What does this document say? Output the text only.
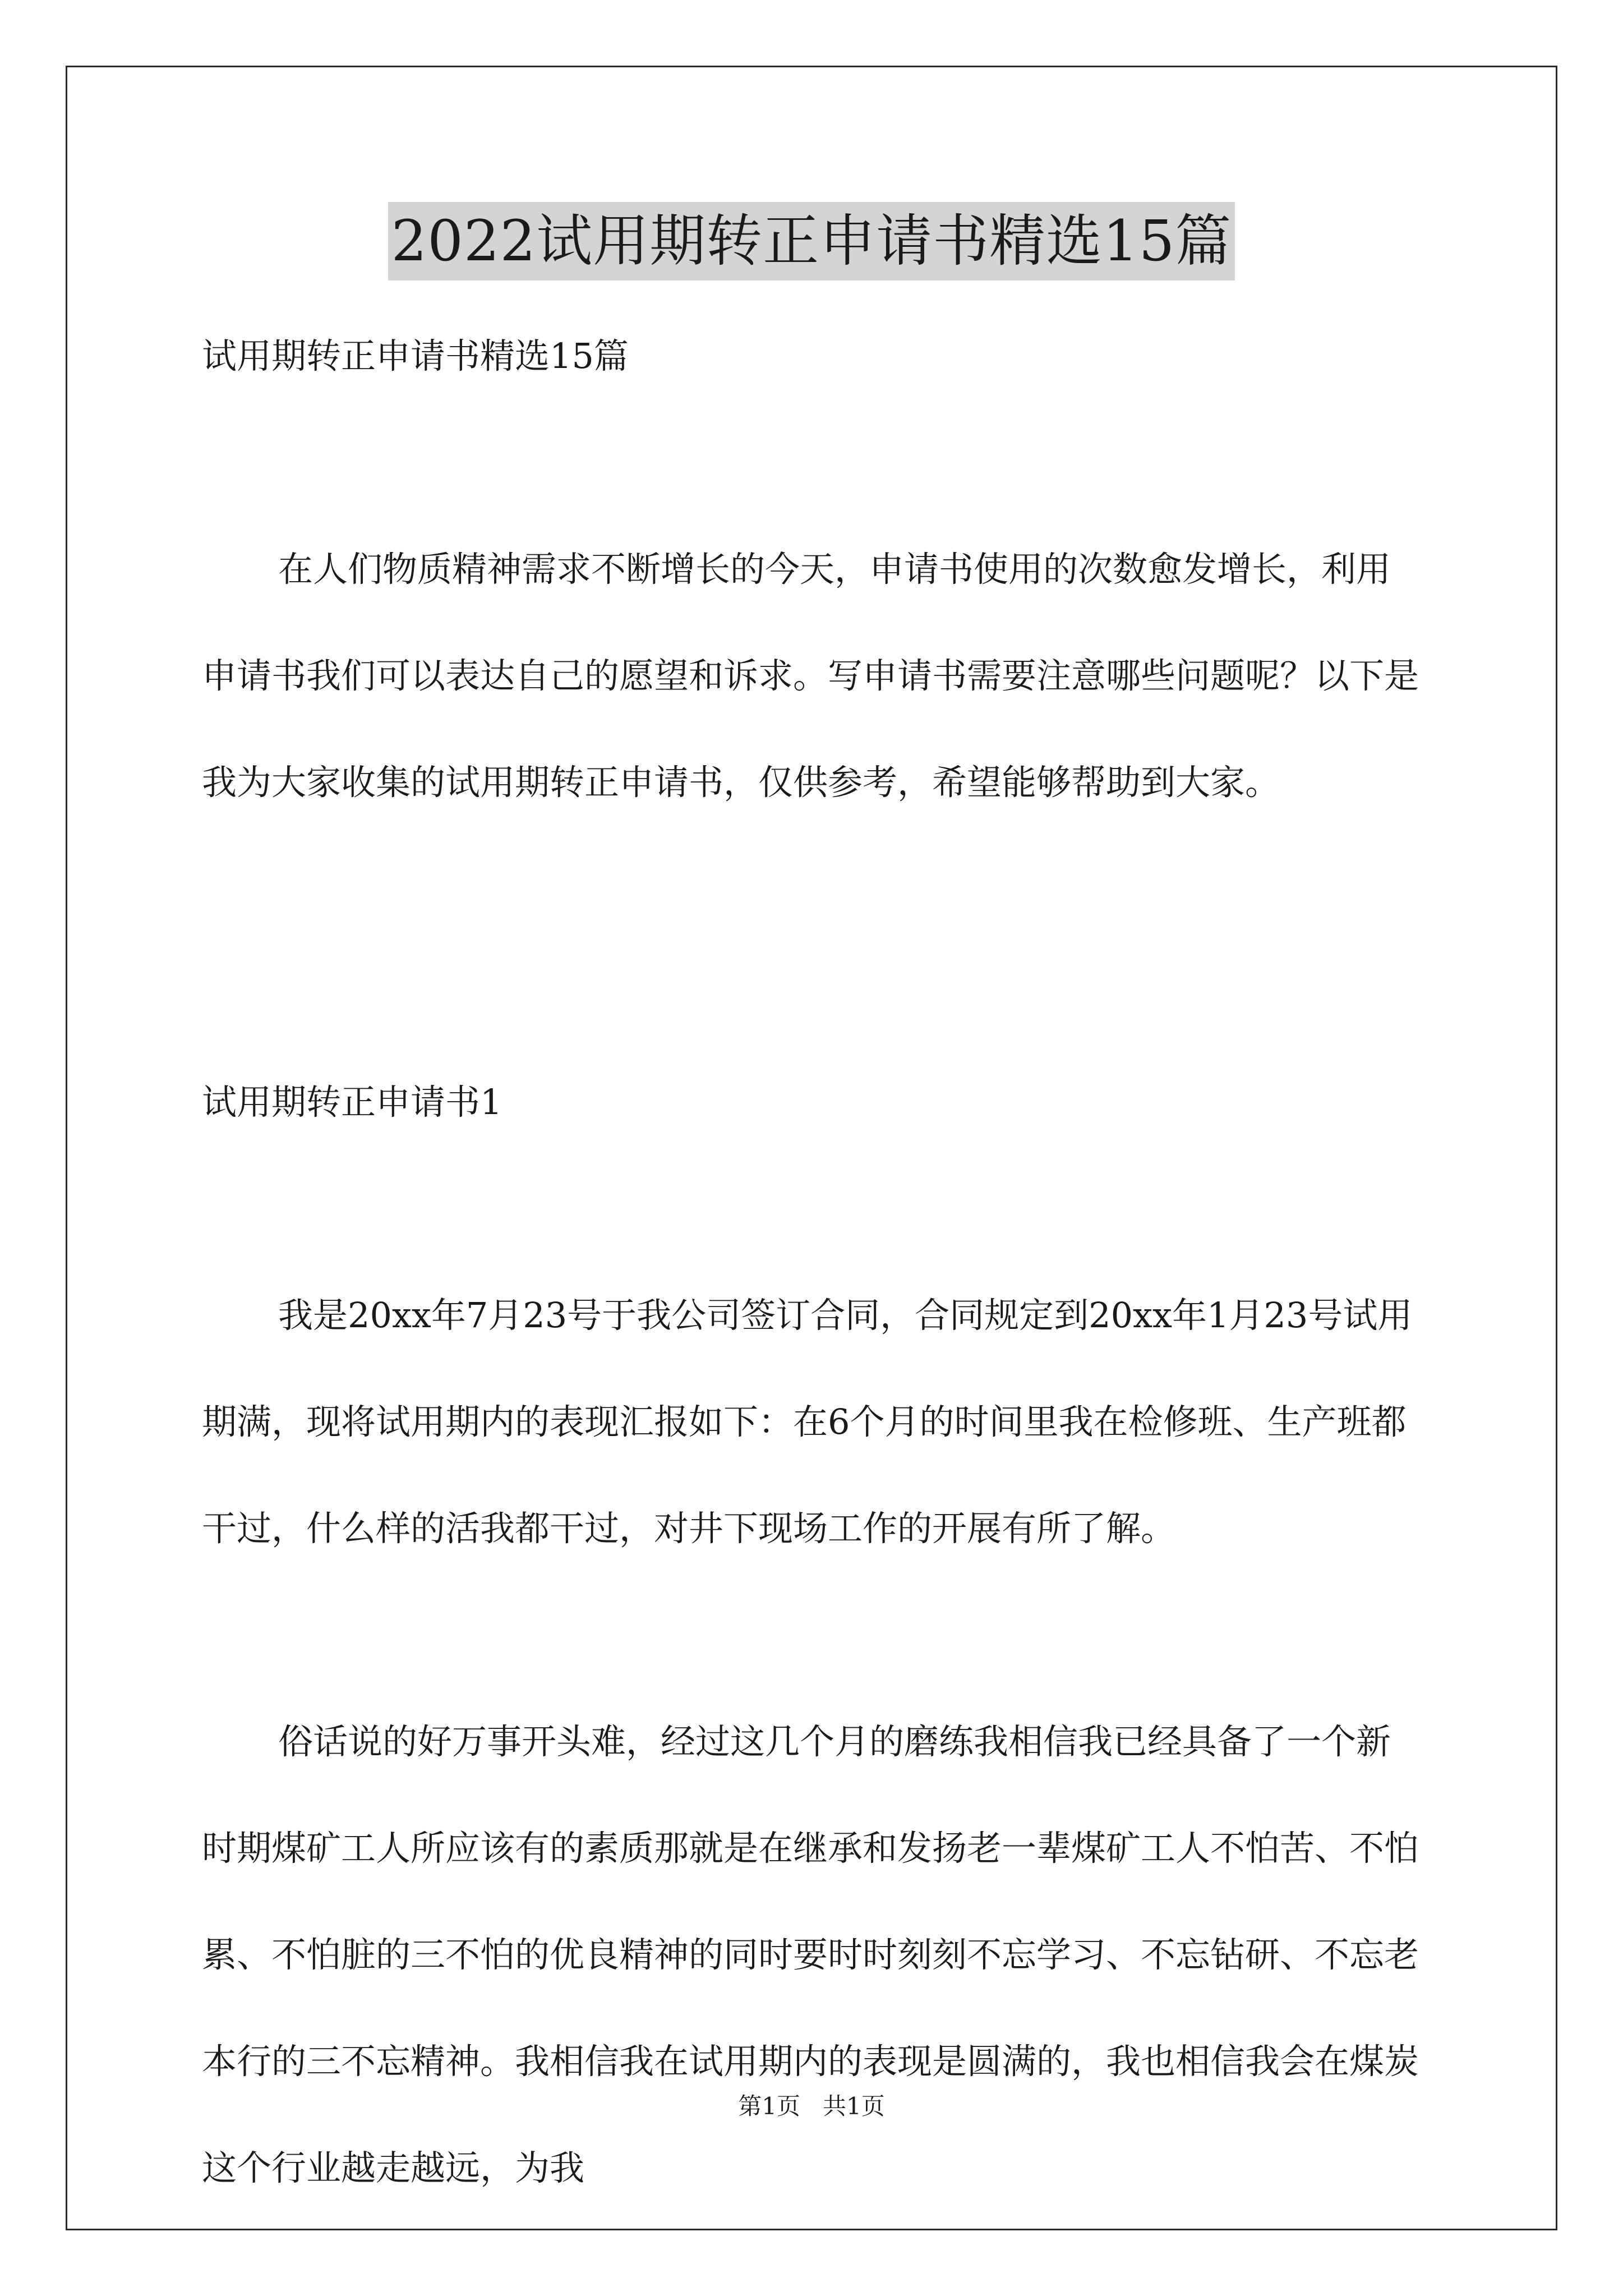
2022试用期转正申请书精选15篇

试用期转正申请书精选15篇

在人们物质精神需求不断增长的今天，申请书使用的次数愈发增长，利用申请书我们可以表达自己的愿望和诉求。写申请书需要注意哪些问题呢？以下是我为大家收集的试用期转正申请书，仅供参考，希望能够帮助到大家。

试用期转正申请书1

我是20xx年7月23号于我公司签订合同，合同规定到20xx年1月23号试用期满，现将试用期内的表现汇报如下：在6个月的时间里我在检修班、生产班都干过，什么样的活我都干过，对井下现场工作的开展有所了解。

俗话说的好万事开头难，经过这几个月的磨练我相信我已经具备了一个新时期煤矿工人所应该有的素质那就是在继承和发扬老一辈煤矿工人不怕苦、不怕累、不怕脏的三不怕的优良精神的同时要时时刻刻不忘学习、不忘钻研、不忘老本行的三不忘精神。我相信我在试用期内的表现是圆满的，我也相信我会在煤炭这个行业越走越远，为我

第1页 共1页
